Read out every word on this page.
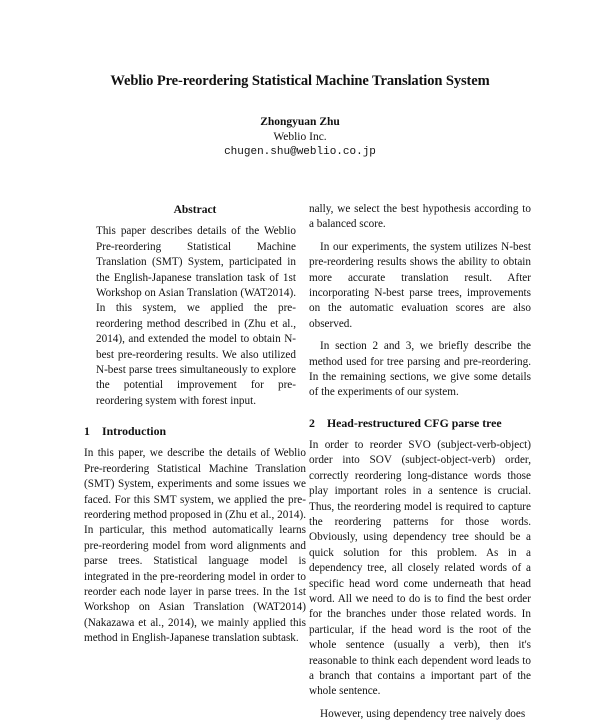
Weblio Pre-reordering Statistical Machine Translation System
Zhongyuan Zhu
Weblio Inc.
chugen.shu@weblio.co.jp
Abstract

This paper describes details of the Weblio Pre-reordering Statistical Machine Translation (SMT) System, participated in the English-Japanese translation task of 1st Workshop on Asian Translation (WAT2014). In this system, we applied the pre-reordering method described in (Zhu et al., 2014), and extended the model to obtain N-best pre-reordering results. We also utilized N-best parse trees simultaneously to explore the potential improvement for pre-reordering system with forest input.

1 Introduction

In this paper, we describe the details of Weblio Pre-reordering Statistical Machine Translation (SMT) System, experiments and some issues we faced. For this SMT system, we applied the pre-reordering method proposed in (Zhu et al., 2014). In particular, this method automatically learns pre-reordering model from word alignments and parse trees. Statistical language model is integrated in the pre-reordering model in order to reorder each node layer in parse trees. In the 1st Workshop on Asian Translation (WAT2014) (Nakazawa et al., 2014), we mainly applied this method in English-Japanese translation subtask.

nally, we select the best hypothesis according to a balanced score.

In our experiments, the system utilizes N-best pre-reordering results shows the ability to obtain more accurate translation result. After incorporating N-best parse trees, improvements on the automatic evaluation scores are also observed.

In section 2 and 3, we briefly describe the method used for tree parsing and pre-reordering. In the remaining sections, we give some details of the experiments of our system.

2 Head-restructured CFG parse tree

In order to reorder SVO (subject-verb-object) order into SOV (subject-object-verb) order, correctly reordering long-distance words those play important roles in a sentence is crucial. Thus, the reordering model is required to capture the reordering patterns for those words. Obviously, using dependency tree should be a quick solution for this problem. As in a dependency tree, all closely related words of a specific head word come underneath that head word. All we need to do is to find the best order for the branches under those related words. In particular, if the head word is the root of the whole sentence (usually a verb), then it's reasonable to think each dependent word leads to a branch that contains a important part of the whole sentence.

However, using dependency tree naively does
